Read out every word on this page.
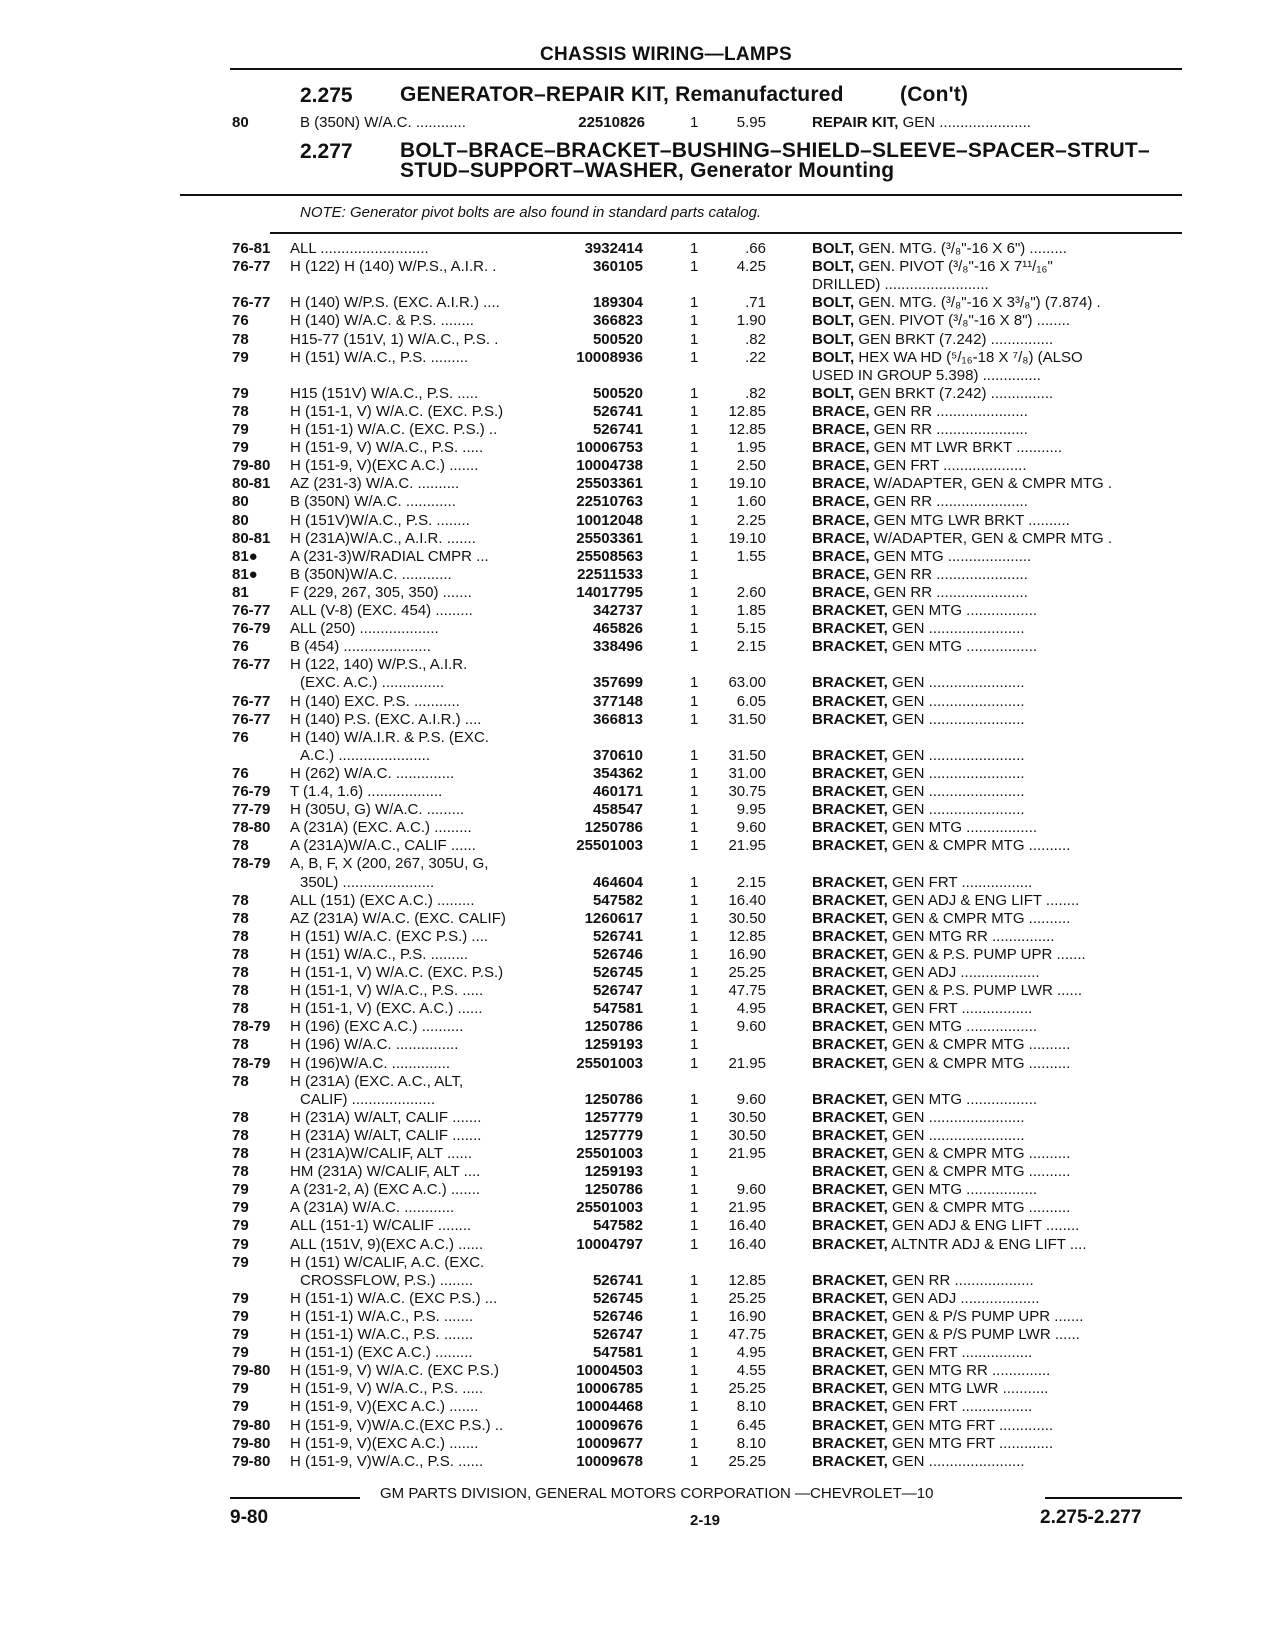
CHASSIS WIRING—LAMPS
2.275 GENERATOR–REPAIR KIT, Remanufactured	(Con't)
80	B (350N) W/A.C. ............	22510826	1	5.95	REPAIR KIT, GEN ......................
2.277 BOLT–BRACE–BRACKET–BUSHING–SHIELD–SLEEVE–SPACER–STRUT–
STUD–SUPPORT–WASHER, Generator Mounting
NOTE: Generator pivot bolts are also found in standard parts catalog.
76-81 ALL ..........................	3932414	1	.66	BOLT, GEN. MTG. (³/₈"-16 X 6") .........
76-77 H (122) H (140) W/P.S., A.I.R. .	360105	1	4.25	BOLT, GEN. PIVOT (³/₈"-16 X 7¹¹/₁₆"
DRILLED) .........................
76-77 H (140) W/P.S. (EXC. A.I.R.) ....	189304	1	.71	BOLT, GEN. MTG. (³/₈"-16 X 3³/₈") (7.874) .
76	H (140) W/A.C. & P.S. ........	366823	1	1.90	BOLT, GEN. PIVOT (³/₈"-16 X 8") ........
78	H15-77 (151V, 1) W/A.C., P.S. .	500520	1	.82	BOLT, GEN BRKT (7.242) ...............
79	H (151) W/A.C., P.S. .........	10008936	1	.22	BOLT, HEX WA HD (⁵/₁₆-18 X ⁷/₈) (ALSO
USED IN GROUP 5.398) ..............
79	H15 (151V) W/A.C., P.S. .....	500520	1	.82	BOLT, GEN BRKT (7.242) ...............
78	H (151-1, V) W/A.C. (EXC. P.S.)	526741	1	12.85	BRACE, GEN RR ......................
79	H (151-1) W/A.C. (EXC. P.S.) ..	526741	1	12.85	BRACE, GEN RR ......................
79	H (151-9, V) W/A.C., P.S. .....	10006753	1	1.95	BRACE, GEN MT LWR BRKT ...........
79-80 H (151-9, V)(EXC A.C.) .......	10004738	1	2.50	BRACE, GEN FRT ....................
80-81 AZ (231-3) W/A.C. ..........	25503361	1	19.10	BRACE, W/ADAPTER, GEN & CMPR MTG .
80	B (350N) W/A.C. ............	22510763	1	1.60	BRACE, GEN RR ......................
80	H (151V)W/A.C., P.S. ........	10012048	1	2.25	BRACE, GEN MTG LWR BRKT ..........
80-81 H (231A)W/A.C., A.I.R. .......	25503361	1	19.10	BRACE, W/ADAPTER, GEN & CMPR MTG .
81● A (231-3)W/RADIAL CMPR ...	25508563	1	1.55	BRACE, GEN MTG ....................
81● B (350N)W/A.C. ............	22511533	1	BRACE, GEN RR ......................
81	F (229, 267, 305, 350) .......	14017795	1	2.60	BRACE, GEN RR ......................
76-77 ALL (V-8) (EXC. 454) .........	342737	1	1.85	BRACKET, GEN MTG .................
76-79 ALL (250) ...................	465826	1	5.15	BRACKET, GEN .......................
76	B (454) .....................	338496	1	2.15	BRACKET, GEN MTG .................
76-77 H (122, 140) W/P.S., A.I.R.
(EXC. A.C.) ...............	357699	1	63.00	BRACKET, GEN .......................
76-77 H (140) EXC. P.S. ...........	377148	1	6.05	BRACKET, GEN .......................
76-77 H (140) P.S. (EXC. A.I.R.) ....	366813	1	31.50	BRACKET, GEN .......................
76	H (140) W/A.I.R. & P.S. (EXC.
A.C.) ......................	370610	1	31.50	BRACKET, GEN .......................
76	H (262) W/A.C. ..............	354362	1	31.00	BRACKET, GEN .......................
76-79 T (1.4, 1.6) ..................	460171	1	30.75	BRACKET, GEN .......................
77-79 H (305U, G) W/A.C. .........	458547	1	9.95	BRACKET, GEN .......................
78-80 A (231A) (EXC. A.C.) .........	1250786	1	9.60	BRACKET, GEN MTG .................
78	A (231A)W/A.C., CALIF ......	25501003	1	21.95	BRACKET, GEN & CMPR MTG ..........
78-79 A, B, F, X (200, 267, 305U, G,
350L) ......................	464604	1	2.15	BRACKET, GEN FRT .................
78	ALL (151) (EXC A.C.) .........	547582	1	16.40	BRACKET, GEN ADJ & ENG LIFT ........
78	AZ (231A) W/A.C. (EXC. CALIF)	1260617	1	30.50	BRACKET, GEN & CMPR MTG ..........
78	H (151) W/A.C. (EXC P.S.) ....	526741	1	12.85	BRACKET, GEN MTG RR ...............
78	H (151) W/A.C., P.S. .........	526746	1	16.90	BRACKET, GEN & P.S. PUMP UPR .......
78	H (151-1, V) W/A.C. (EXC. P.S.)	526745	1	25.25	BRACKET, GEN ADJ ...................
78	H (151-1, V) W/A.C., P.S. .....	526747	1	47.75	BRACKET, GEN & P.S. PUMP LWR ......
78	H (151-1, V) (EXC. A.C.) ......	547581	1	4.95	BRACKET, GEN FRT .................
78-79 H (196) (EXC A.C.) ..........	1250786	1	9.60	BRACKET, GEN MTG .................
78	H (196) W/A.C. ...............	1259193	1	BRACKET, GEN & CMPR MTG ..........
78-79 H (196)W/A.C. ..............	25501003	1	21.95	BRACKET, GEN & CMPR MTG ..........
78	H (231A) (EXC. A.C., ALT,
CALIF) ....................	1250786	1	9.60	BRACKET, GEN MTG .................
78	H (231A) W/ALT, CALIF .......	1257779	1	30.50	BRACKET, GEN .......................
78	H (231A) W/ALT, CALIF .......	1257779	1	30.50	BRACKET, GEN .......................
78	H (231A)W/CALIF, ALT ......	25501003	1	21.95	BRACKET, GEN & CMPR MTG ..........
78	HM (231A) W/CALIF, ALT ....	1259193	1	BRACKET, GEN & CMPR MTG ..........
79	A (231-2, A) (EXC A.C.) .......	1250786	1	9.60	BRACKET, GEN MTG .................
79	A (231A) W/A.C. ............	25501003	1	21.95	BRACKET, GEN & CMPR MTG ..........
79	ALL (151-1) W/CALIF ........	547582	1	16.40	BRACKET, GEN ADJ & ENG LIFT ........
79	ALL (151V, 9)(EXC A.C.) ......	10004797	1	16.40	BRACKET, ALTNTR ADJ & ENG LIFT ....
79	H (151) W/CALIF, A.C. (EXC.
CROSSFLOW, P.S.) ........	526741	1	12.85	BRACKET, GEN RR ...................
79	H (151-1) W/A.C. (EXC P.S.) ...	526745	1	25.25	BRACKET, GEN ADJ ...................
79	H (151-1) W/A.C., P.S. .......	526746	1	16.90	BRACKET, GEN & P/S PUMP UPR .......
79	H (151-1) W/A.C., P.S. .......	526747	1	47.75	BRACKET, GEN & P/S PUMP LWR ......
79	H (151-1) (EXC A.C.) .........	547581	1	4.95	BRACKET, GEN FRT .................
79-80 H (151-9, V) W/A.C. (EXC P.S.)	10004503	1	4.55	BRACKET, GEN MTG RR ..............
79	H (151-9, V) W/A.C., P.S. .....	10006785	1	25.25	BRACKET, GEN MTG LWR ...........
79	H (151-9, V)(EXC A.C.) .......	10004468	1	8.10	BRACKET, GEN FRT .................
79-80 H (151-9, V)W/A.C.(EXC P.S.) ..	10009676	1	6.45	BRACKET, GEN MTG FRT .............
79-80 H (151-9, V)(EXC A.C.) .......	10009677	1	8.10	BRACKET, GEN MTG FRT .............
79-80 H (151-9, V)W/A.C., P.S. ......	10009678	1	25.25	BRACKET, GEN .......................
GM PARTS DIVISION, GENERAL MOTORS CORPORATION —CHEVROLET—10
9-80	2-19	2.275-2.277
